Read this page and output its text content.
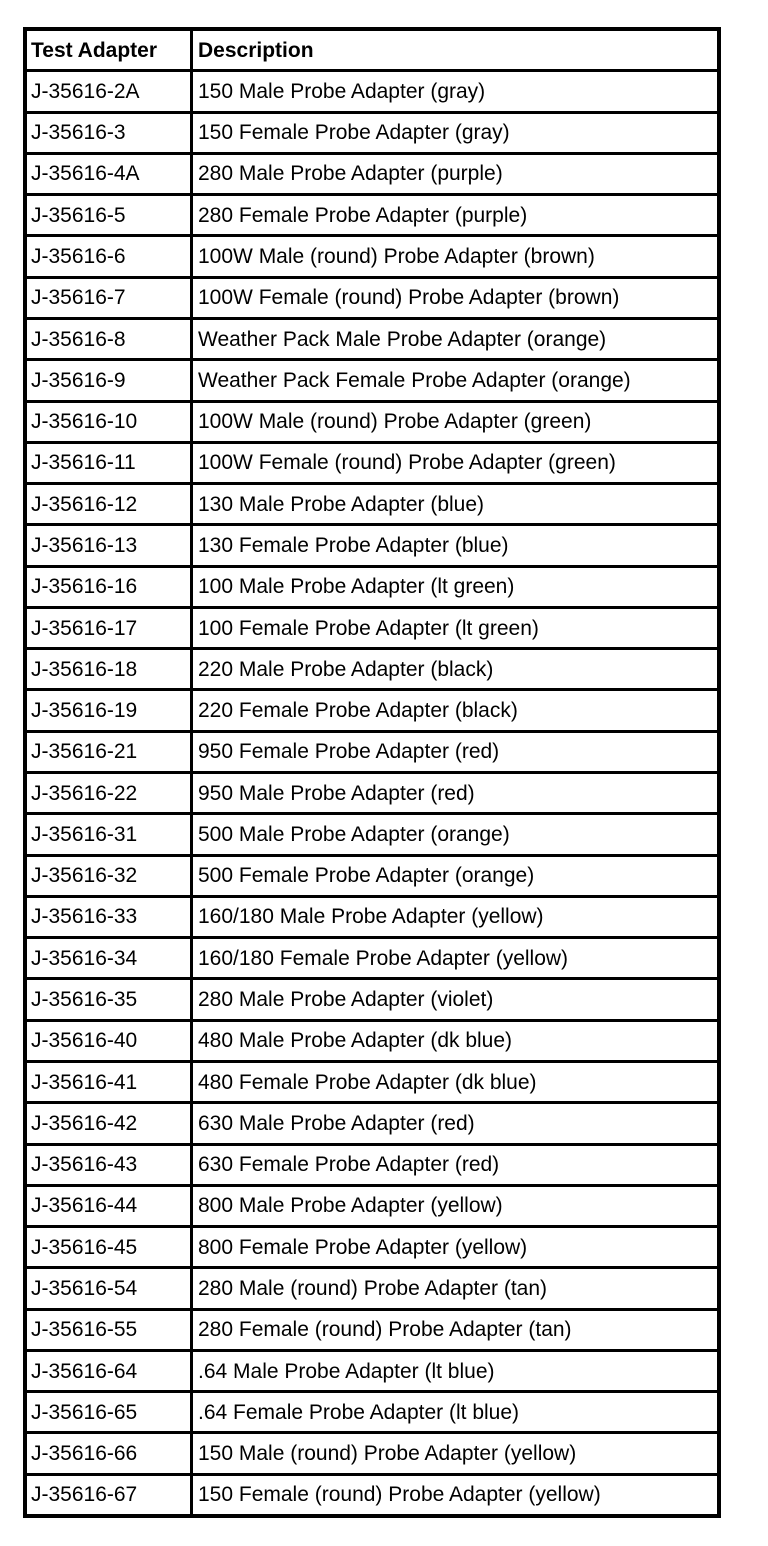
Test Adapter	Description
J-35616-2A	150 Male Probe Adapter (gray)
J-35616-3	150 Female Probe Adapter (gray)
J-35616-4A	280 Male Probe Adapter (purple)
J-35616-5	280 Female Probe Adapter (purple)
J-35616-6	100W Male (round) Probe Adapter (brown)
J-35616-7	100W Female (round) Probe Adapter (brown)
J-35616-8	Weather Pack Male Probe Adapter (orange)
J-35616-9	Weather Pack Female Probe Adapter (orange)
J-35616-10	100W Male (round) Probe Adapter (green)
J-35616-11	100W Female (round) Probe Adapter (green)
J-35616-12	130 Male Probe Adapter (blue)
J-35616-13	130 Female Probe Adapter (blue)
J-35616-16	100 Male Probe Adapter (lt green)
J-35616-17	100 Female Probe Adapter (lt green)
J-35616-18	220 Male Probe Adapter (black)
J-35616-19	220 Female Probe Adapter (black)
J-35616-21	950 Female Probe Adapter (red)
J-35616-22	950 Male Probe Adapter (red)
J-35616-31	500 Male Probe Adapter (orange)
J-35616-32	500 Female Probe Adapter (orange)
J-35616-33	160/180 Male Probe Adapter (yellow)
J-35616-34	160/180 Female Probe Adapter (yellow)
J-35616-35	280 Male Probe Adapter (violet)
J-35616-40	480 Male Probe Adapter (dk blue)
J-35616-41	480 Female Probe Adapter (dk blue)
J-35616-42	630 Male Probe Adapter (red)
J-35616-43	630 Female Probe Adapter (red)
J-35616-44	800 Male Probe Adapter (yellow)
J-35616-45	800 Female Probe Adapter (yellow)
J-35616-54	280 Male (round) Probe Adapter (tan)
J-35616-55	280 Female (round) Probe Adapter (tan)
J-35616-64	.64 Male Probe Adapter (lt blue)
J-35616-65	.64 Female Probe Adapter (lt blue)
J-35616-66	150 Male (round) Probe Adapter (yellow)
J-35616-67	150 Female (round) Probe Adapter (yellow)
